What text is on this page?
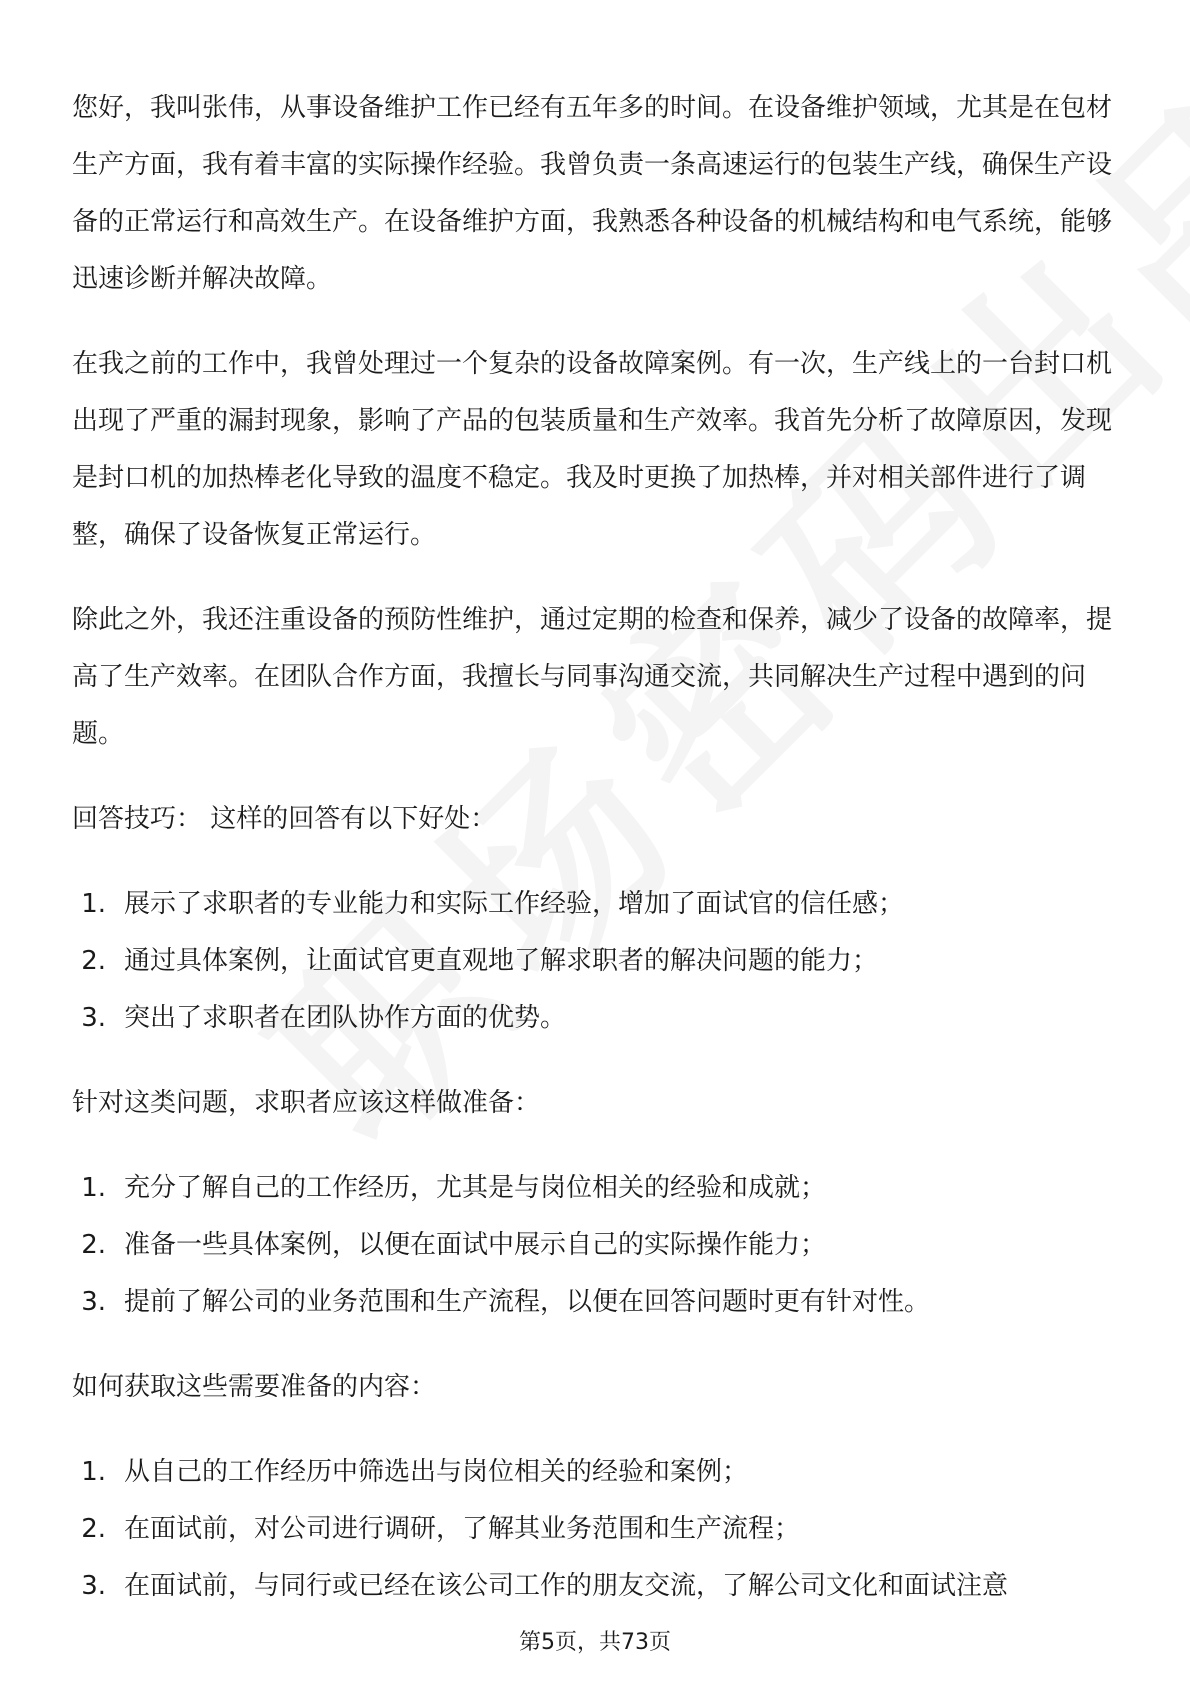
您好，我叫张伟，从事设备维护工作已经有五年多的时间。在设备维护领域，尤其是在包材生产方面，我有着丰富的实际操作经验。我曾负责一条高速运行的包装生产线，确保生产设备的正常运行和高效生产。在设备维护方面，我熟悉各种设备的机械结构和电气系统，能够迅速诊断并解决故障。

在我之前的工作中，我曾处理过一个复杂的设备故障案例。有一次，生产线上的一台封口机出现了严重的漏封现象，影响了产品的包装质量和生产效率。我首先分析了故障原因，发现是封口机的加热棒老化导致的温度不稳定。我及时更换了加热棒，并对相关部件进行了调整，确保了设备恢复正常运行。

除此之外，我还注重设备的预防性维护，通过定期的检查和保养，减少了设备的故障率，提高了生产效率。在团队合作方面，我擅长与同事沟通交流，共同解决生产过程中遇到的问题。

回答技巧： 这样的回答有以下好处：

1. 展示了求职者的专业能力和实际工作经验，增加了面试官的信任感；
2. 通过具体案例，让面试官更直观地了解求职者的解决问题的能力；
3. 突出了求职者在团队协作方面的优势。

针对这类问题，求职者应该这样做准备：

1. 充分了解自己的工作经历，尤其是与岗位相关的经验和成就；
2. 准备一些具体案例，以便在面试中展示自己的实际操作能力；
3. 提前了解公司的业务范围和生产流程，以便在回答问题时更有针对性。

如何获取这些需要准备的内容：

1. 从自己的工作经历中筛选出与岗位相关的经验和案例；
2. 在面试前，对公司进行调研，了解其业务范围和生产流程；
3. 在面试前，与同行或已经在该公司工作的朋友交流，了解公司文化和面试注意
第5页，共73页
